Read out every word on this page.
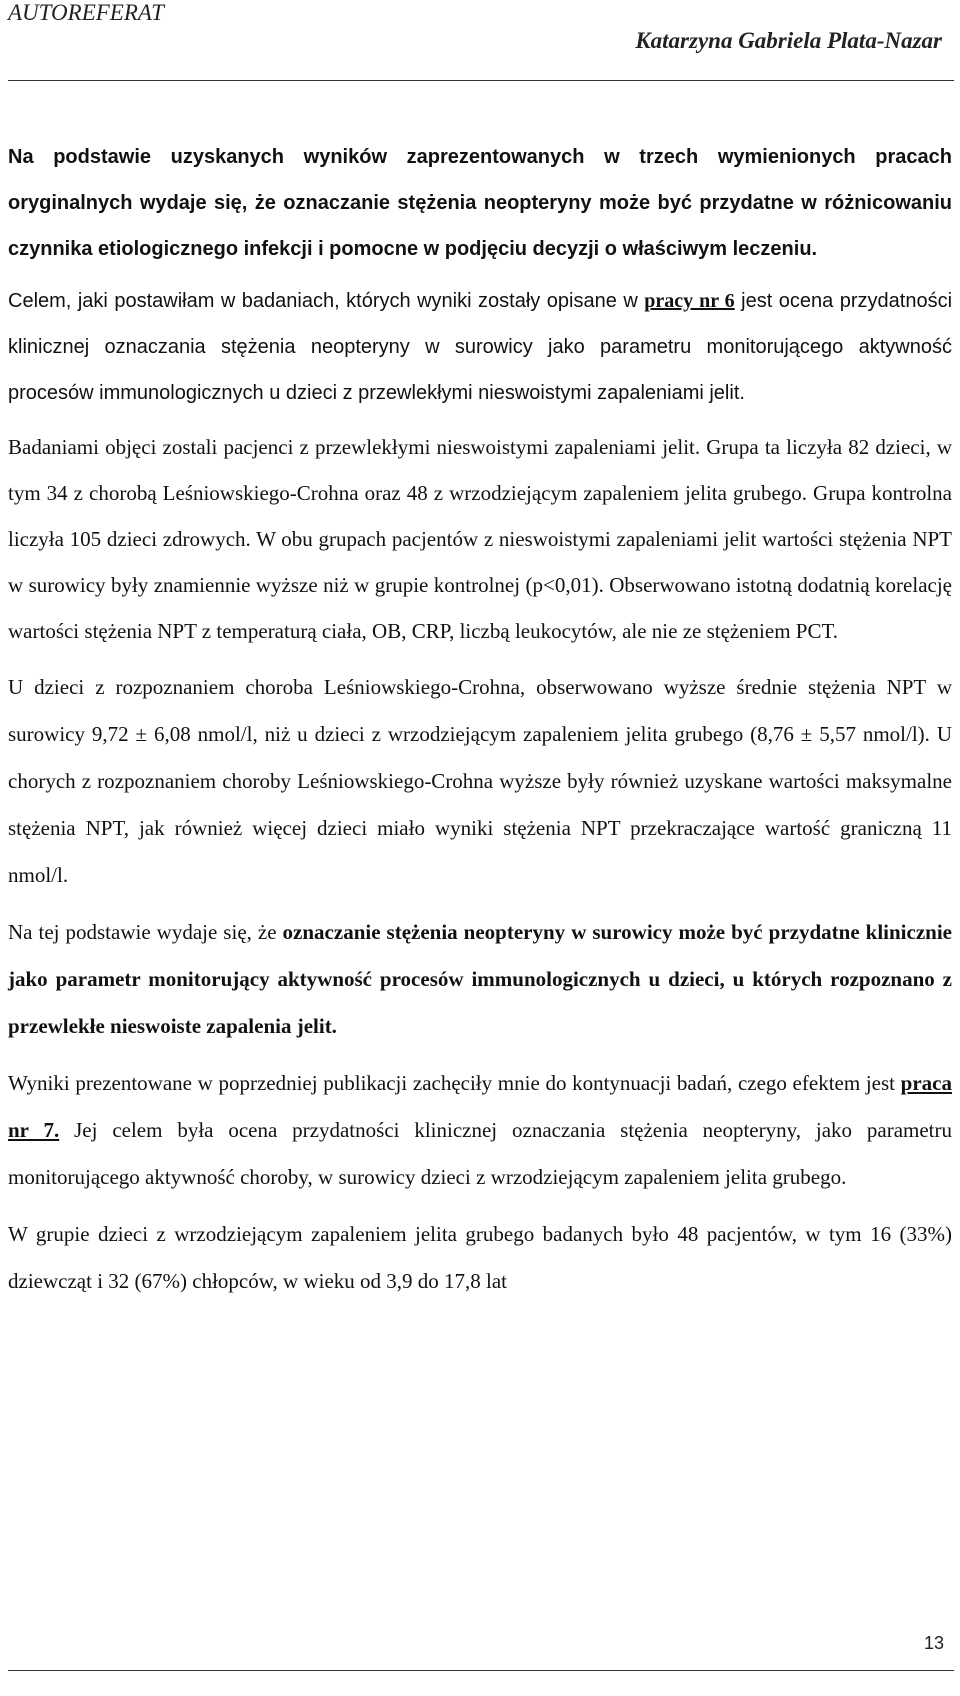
AUTOREFERAT
Katarzyna Gabriela Plata-Nazar

Na podstawie uzyskanych wyników zaprezentowanych w trzech wymienionych pracach oryginalnych wydaje się, że oznaczanie stężenia neopteryny może być przydatne w różnicowaniu czynnika etiologicznego infekcji i pomocne w podjęciu decyzji o właściwym leczeniu.

Celem, jaki postawiłam w badaniach, których wyniki zostały opisane w pracy nr 6 jest ocena przydatności klinicznej oznaczania stężenia neopteryny w surowicy jako parametru monitorującego aktywność procesów immunologicznych u dzieci z przewlekłymi nieswoistymi zapaleniami jelit.

Badaniami objęci zostali pacjenci z przewlekłymi nieswoistymi zapaleniami jelit. Grupa ta liczyła 82 dzieci, w tym 34 z chorobą Leśniowskiego-Crohna oraz 48 z wrzodziejącym zapaleniem jelita grubego. Grupa kontrolna liczyła 105 dzieci zdrowych. W obu grupach pacjentów z nieswoistymi zapaleniami jelit wartości stężenia NPT w surowicy były znamiennie wyższe niż w grupie kontrolnej (p<0,01). Obserwowano istotną dodatnią korelację wartości stężenia NPT z temperaturą ciała, OB, CRP, liczbą leukocytów, ale nie ze stężeniem PCT.

U dzieci z rozpoznaniem choroba Leśniowskiego-Crohna, obserwowano wyższe średnie stężenia NPT w surowicy 9,72 ± 6,08 nmol/l, niż u dzieci z wrzodziejącym zapaleniem jelita grubego (8,76 ± 5,57 nmol/l). U chorych z rozpoznaniem choroby Leśniowskiego-Crohna wyższe były również uzyskane wartości maksymalne stężenia NPT, jak również więcej dzieci miało wyniki stężenia NPT przekraczające wartość graniczną 11 nmol/l.

Na tej podstawie wydaje się, że oznaczanie stężenia neopteryny w surowicy może być przydatne klinicznie jako parametr monitorujący aktywność procesów immunologicznych u dzieci, u których rozpoznano z przewlekłe nieswoiste zapalenia jelit.

Wyniki prezentowane w poprzedniej publikacji zachęciły mnie do kontynuacji badań, czego efektem jest praca nr 7. Jej celem była ocena przydatności klinicznej oznaczania stężenia neopteryny, jako parametru monitorującego aktywność choroby, w surowicy dzieci z wrzodziejącym zapaleniem jelita grubego.

W grupie dzieci z wrzodziejącym zapaleniem jelita grubego badanych było 48 pacjentów, w tym 16 (33%) dziewcząt i 32 (67%) chłopców, w wieku od 3,9 do 17,8 lat

13
